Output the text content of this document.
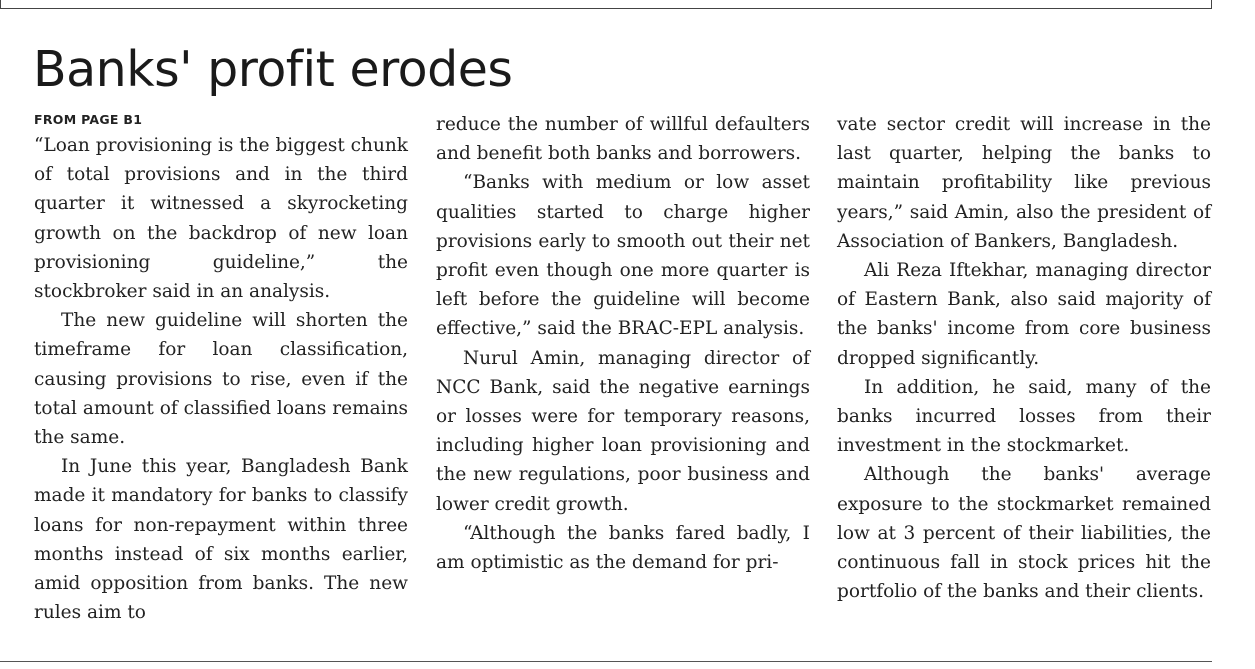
Banks' profit erodes
FROM PAGE B1

“Loan provisioning is the biggest chunk of total provisions and in the third quarter it witnessed a skyrocketing growth on the backdrop of new loan provisioning guideline,” the stockbroker said in an analysis.

The new guideline will shorten the timeframe for loan classification, causing provisions to rise, even if the total amount of classified loans remains the same.

In June this year, Bangladesh Bank made it mandatory for banks to classify loans for non-repayment within three months instead of six months earlier, amid opposition from banks. The new rules aim to

reduce the number of willful defaulters and benefit both banks and borrowers.

“Banks with medium or low asset qualities started to charge higher provisions early to smooth out their net profit even though one more quarter is left before the guideline will become effective,” said the BRAC-EPL analysis.

Nurul Amin, managing director of NCC Bank, said the negative earnings or losses were for temporary reasons, including higher loan provisioning and the new regulations, poor business and lower credit growth.

“Although the banks fared badly, I am optimistic as the demand for pri-

vate sector credit will increase in the last quarter, helping the banks to maintain profitability like previous years,” said Amin, also the president of Association of Bankers, Bangladesh.

Ali Reza Iftekhar, managing director of Eastern Bank, also said majority of the banks' income from core business dropped significantly.

In addition, he said, many of the banks incurred losses from their investment in the stockmarket.

Although the banks' average exposure to the stockmarket remained low at 3 percent of their liabilities, the continuous fall in stock prices hit the portfolio of the banks and their clients.
